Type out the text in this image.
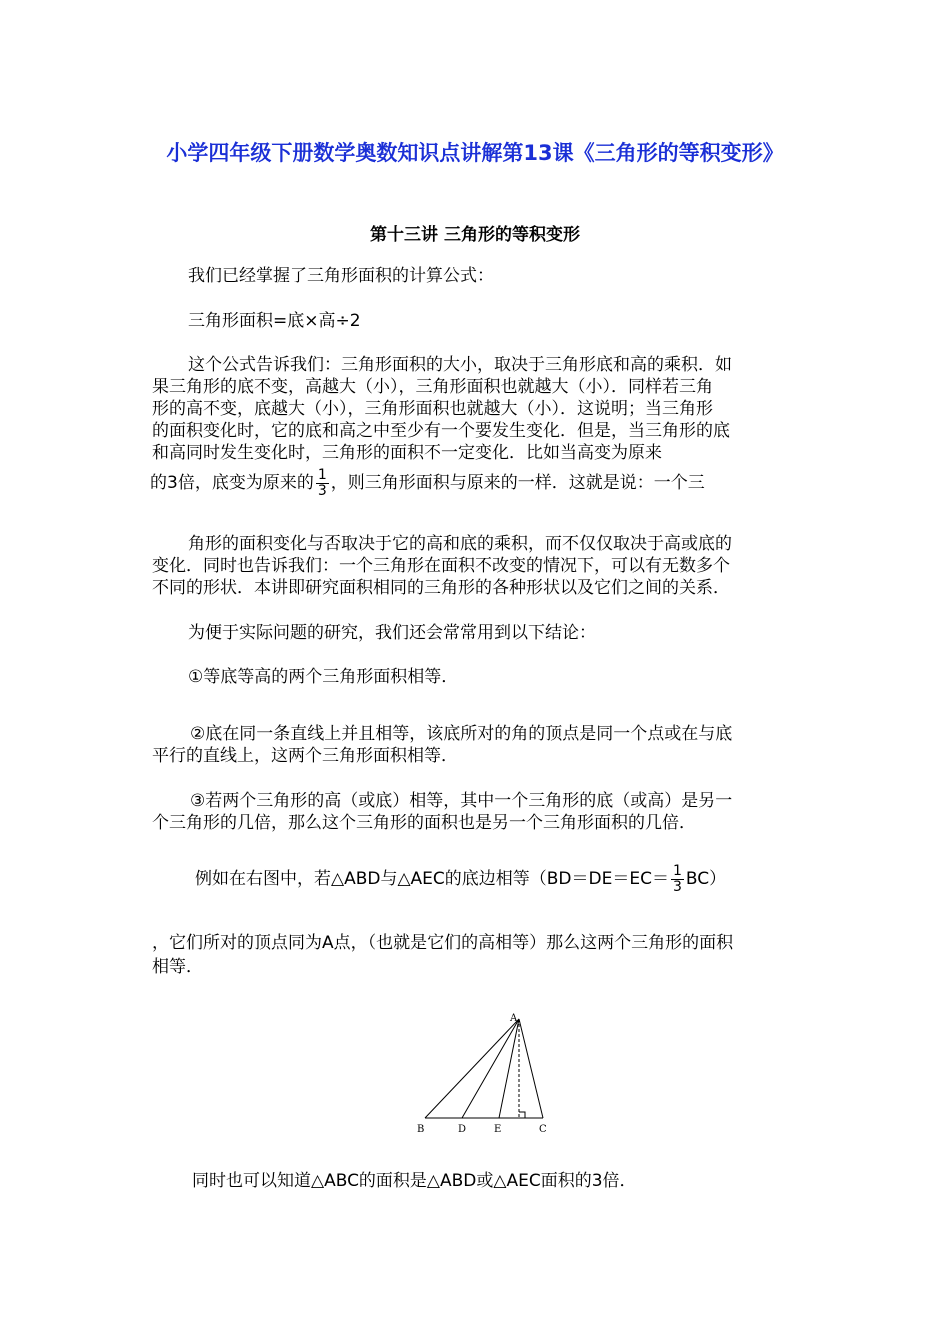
小学四年级下册数学奥数知识点讲解第13课《三角形的等积变形》
第十三讲 三角形的等积变形
我们已经掌握了三角形面积的计算公式：
三角形面积=底×高÷2
这个公式告诉我们：三角形面积的大小，取决于三角形底和高的乘积．如
果三角形的底不变，高越大（小），三角形面积也就越大（小）．同样若三角
形的高不变，底越大（小），三角形面积也就越大（小）．这说明；当三角形
的面积变化时，它的底和高之中至少有一个要发生变化．但是，当三角形的底
和高同时发生变化时，三角形的面积不一定变化．比如当高变为原来
的3倍，底变为原来的 $\frac{1}{3}$ ，则三角形面积与原来的一样．这就是说：一个三
角形的面积变化与否取决于它的高和底的乘积，而不仅仅取决于高或底的
变化．同时也告诉我们：一个三角形在面积不改变的情况下，可以有无数多个
不同的形状．本讲即研究面积相同的三角形的各种形状以及它们之间的关系．
为便于实际问题的研究，我们还会常常用到以下结论：
①等底等高的两个三角形面积相等．
②底在同一条直线上并且相等，该底所对的角的顶点是同一个点或在与底
平行的直线上，这两个三角形面积相等．
③若两个三角形的高（或底）相等，其中一个三角形的底（或高）是另一
个三角形的几倍，那么这个三角形的面积也是另一个三角形面积的几倍．
例如在右图中，若△ABD与△AEC的底边相等$(BD=DE=EC= \frac{1}{3} BC)$
，它们所对的顶点同为A点，（也就是它们的高相等）那么这两个三角形的面积
相等．
A
B	D	E	C
同时也可以知道△ABC的面积是△ABD或△AEC面积的3倍．
